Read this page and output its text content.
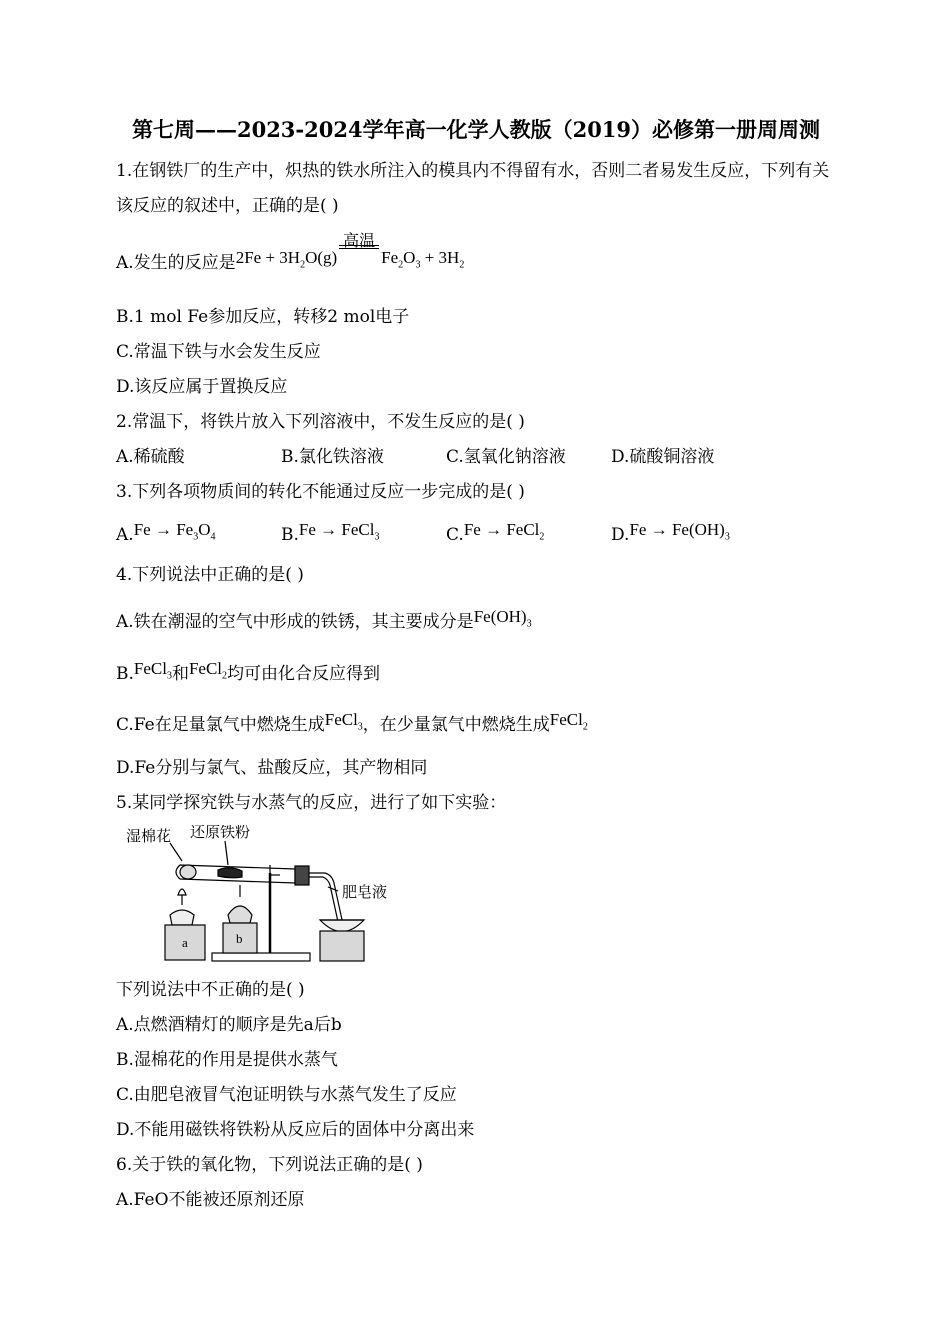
第七周——2023-2024学年高一化学人教版（2019）必修第一册周周测
1.在钢铁厂的生产中，炽热的铁水所注入的模具内不得留有水，否则二者易发生反应，下列有关该反应的叙述中，正确的是( )
A.发生的反应是$2Fe + 3H_2O(g)$
高温
$Fe_2O_3 + 3H_2$
B.1 mol Fe参加反应，转移2 mol电子
C.常温下铁与水会发生反应
D.该反应属于置换反应
2.常温下，将铁片放入下列溶液中，不发生反应的是( )
A.稀硫酸	B.氯化铁溶液	C.氢氧化钠溶液	D.硫酸铜溶液
3.下列各项物质间的转化不能通过反应一步完成的是( )
$A.Fe \to Fe_3O_4$	B.Fe → FeCl$_3$	C.Fe → FeCl$_2$	$D.Fe \to Fe(OH)_3$
4.下列说法中正确的是( )
A.铁在潮湿的空气中形成的铁锈，其主要成分是$Fe(OH)_3$
B.FeCl$_3$和FeCl$_2$均可由化合反应得到
C.Fe在足量氯气中燃烧生成FeCl$_3$，在少量氯气中燃烧生成FeCl$_2$
D.Fe分别与氯气、盐酸反应，其产物相同
5.某同学探究铁与水蒸气的反应，进行了如下实验：
湿棉花 还原铁粉
肥皂液
a	b
下列说法中不正确的是( )
A.点燃酒精灯的顺序是先a后b
B.湿棉花的作用是提供水蒸气
C.由肥皂液冒气泡证明铁与水蒸气发生了反应
D.不能用磁铁将铁粉从反应后的固体中分离出来
6.关于铁的氧化物，下列说法正确的是( )
A.FeO不能被还原剂还原
